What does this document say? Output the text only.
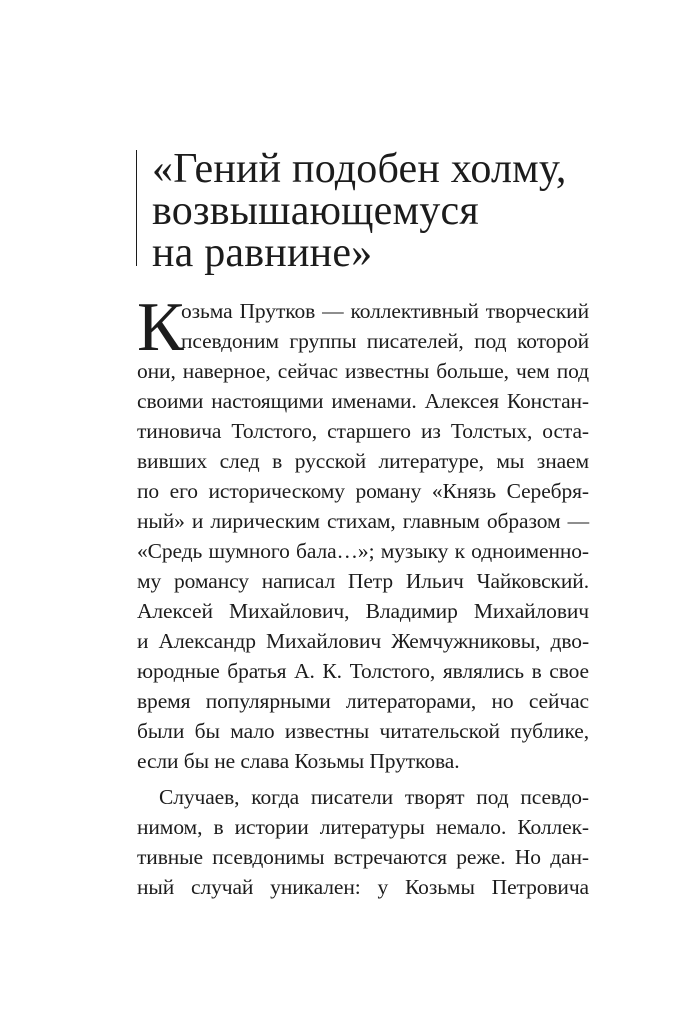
«Гений подобен холму,
возвышающемуся
на равнине»
К
озьма Прутков — коллективный творческий
псевдоним группы писателей, под которой
они, наверное, сейчас известны больше, чем под
своими настоящими именами. Алексея Констан-
тиновича Толстого, старшего из Толстых, оста-
вивших след в русской литературе, мы знаем
по его историческому роману «Князь Серебря-
ный» и лирическим стихам, главным образом —
«Средь шумного бала…»; музыку к одноименно-
му романсу написал Петр Ильич Чайковский.
Алексей Михайлович, Владимир Михайлович
и Александр Михайлович Жемчужниковы, дво-
юродные братья А. К. Толстого, являлись в свое
время популярными литераторами, но сейчас
были бы мало известны читательской публике,
если бы не слава Козьмы Пруткова.
Случаев, когда писатели творят под псевдо-
нимом, в истории литературы немало. Коллек-
тивные псевдонимы встречаются реже. Но дан-
ный случай уникален: у Козьмы Петровича
